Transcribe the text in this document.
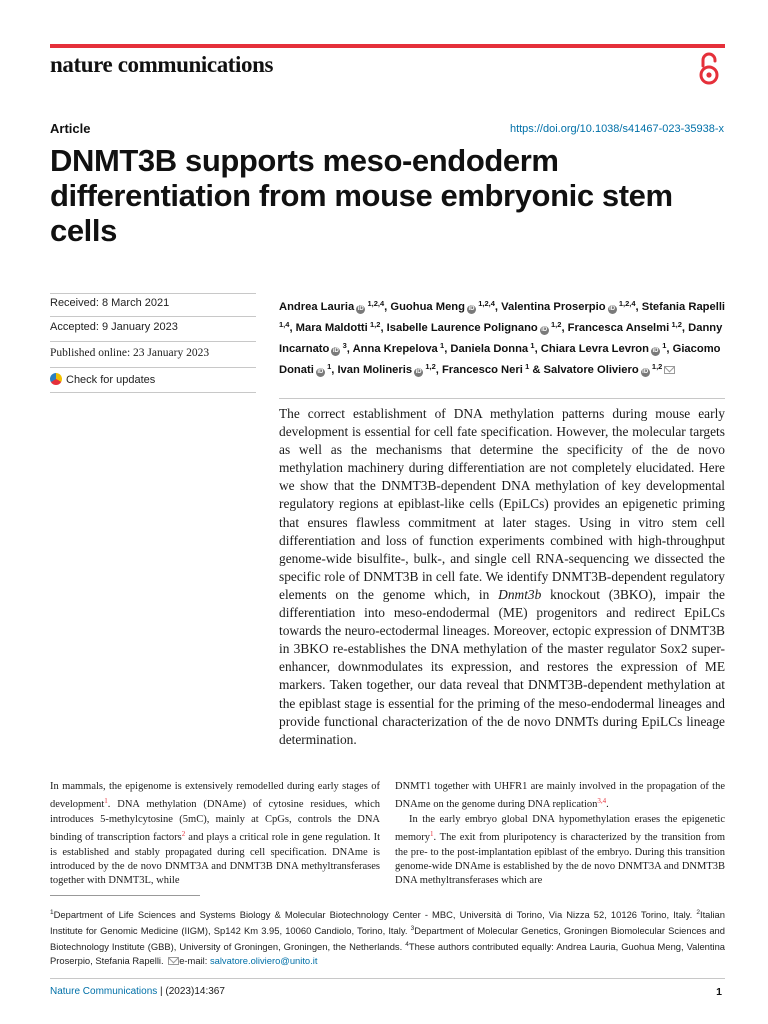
nature communications
Article	https://doi.org/10.1038/s41467-023-35938-x
DNMT3B supports meso-endoderm differentiation from mouse embryonic stem cells
Received: 8 March 2021
Accepted: 9 January 2023
Published online: 23 January 2023
Check for updates

Andrea Lauria iD $^{1,2,4}$, Guohua Meng iD $^{1,2,4}$, Valentina Proserpio iD $^{1,2,4}$, Stefania Rapelli $^{1,4}$, Mara Maldotti  $^{1,2}$, Isabelle Laurence Polignano iD $^{1,2}$, Francesca Anselmi  $^{1,2}$, Danny Incarnato iD $^3$, Anna Krepelova  $^1$, Daniela Donna  $^1$, Chiara Levra Levron iD $^1$, Giacomo Donati iD $^1$, Ivan Molineris iD $^{1,2}$, Francesco Neri  $^1$ & Salvatore Oliviero iD $^{1,2}$

The correct establishment of DNA methylation patterns during mouse early development is essential for cell fate specification. However, the molecular targets as well as the mechanisms that determine the specificity of the de novo methylation machinery during differentiation are not completely elucidated. Here we show that the DNMT3B-dependent DNA methylation of key developmental regulatory regions at epiblast-like cells (EpiLCs) provides an epigenetic priming that ensures flawless commitment at later stages. Using in vitro stem cell differentiation and loss of function experiments combined with high-throughput genome-wide bisulfite-, bulk-, and single cell RNA-sequencing we dissected the specific role of DNMT3B in cell fate. We identify DNMT3B-dependent regulatory elements on the genome which, in Dnmt3b knockout (3BKO), impair the differentiation into meso-endodermal (ME) progenitors and redirect EpiLCs towards the neuro-ectodermal lineages. Moreover, ectopic expression of DNMT3B in 3BKO re-establishes the DNA methylation of the master regulator Sox2 super-enhancer, downmodulates its expression, and restores the expression of ME markers. Taken together, our data reveal that DNMT3B-dependent methylation at the epiblast stage is essential for the priming of the meso-endodermal lineages and provide functional characterization of the de novo DNMTs during EpiLCs lineage determination.

In mammals, the epigenome is extensively remodelled during early stages of development$^1$. DNA methylation (DNAme) of cytosine residues, which introduces 5-methylcytosine (5mC), mainly at CpGs, controls the DNA binding of transcription factors$^2$ and plays a critical role in gene regulation. It is established and stably propagated during cell specification. DNAme is introduced by the de novo DNMT3A and DNMT3B DNA methyltransferases together with DNMT3L, while

DNMT1 together with UHFR1 are mainly involved in the propagation of the DNAme on the genome during DNA replication$^{3,4}$.

In the early embryo global DNA hypomethylation erases the epigenetic memory$^1$. The exit from pluripotency is characterized by the transition from the pre- to the post-implantation epiblast of the embryo. During this transition genome-wide DNAme is established by the de novo DNMT3A and DNMT3B DNA methyltransferases which are

$^1$Department of Life Sciences and Systems Biology & Molecular Biotechnology Center - MBC, Università di Torino, Via Nizza 52, 10126 Torino, Italy. $^2$Italian Institute for Genomic Medicine (IIGM), Sp142 Km 3.95, 10060 Candiolo, Torino, Italy. $^3$Department of Molecular Genetics, Groningen Biomolecular Sciences and Biotechnology Institute (GBB), University of Groningen, Groningen, the Netherlands. $^4$These authors contributed equally: Andrea Lauria, Guohua Meng, Valentina Proserpio, Stefania Rapelli. e-mail: salvatore.oliviero@unito.it

Nature Communications | (2023)14:367	1
